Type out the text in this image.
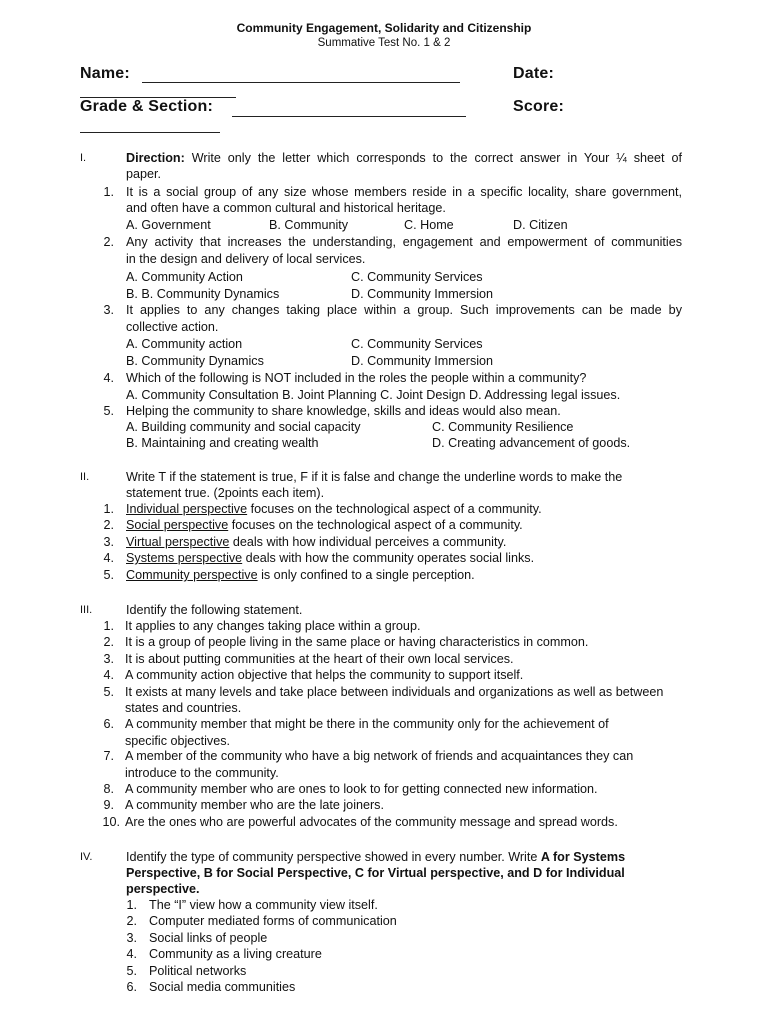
Community Engagement, Solidarity and Citizenship
Summative Test No. 1 & 2
Name:	Date:
Grade & Section:	Score:
I.	Direction: Write only the letter which corresponds to the correct answer in Your ¼ sheet of
paper.
1. It is a social group of any size whose members reside in a specific locality, share government,
and often have a common cultural and historical heritage.
A. Government	B. Community	C. Home	D. Citizen
2. Any activity that increases the understanding, engagement and empowerment of communities
in the design and delivery of local services.
A. Community Action	C. Community Services
B. B. Community Dynamics	D. Community Immersion
3. It applies to any changes taking place within a group. Such improvements can be made by
collective action.
A. Community action	C. Community Services
B. Community Dynamics	D. Community Immersion
4. Which of the following is NOT included in the roles the people within a community?
A. Community Consultation B. Joint Planning C. Joint Design D. Addressing legal issues.
5. Helping the community to share knowledge, skills and ideas would also mean.
A. Building community and social capacity	C. Community Resilience
B. Maintaining and creating wealth	D. Creating advancement of goods.
II.	Write T if the statement is true, F if it is false and change the underline words to make the
statement true. (2points each item).
1. Individual perspective focuses on the technological aspect of a community.
2. Social perspective focuses on the technological aspect of a community.
3. Virtual perspective deals with how individual perceives a community.
4. Systems perspective deals with how the community operates social links.
5. Community perspective is only confined to a single perception.
III.	Identify the following statement.
1. It applies to any changes taking place within a group.
2. It is a group of people living in the same place or having characteristics in common.
3. It is about putting communities at the heart of their own local services.
4. A community action objective that helps the community to support itself.
5. It exists at many levels and take place between individuals and organizations as well as between
states and countries.
6. A community member that might be there in the community only for the achievement of
specific objectives.
7. A member of the community who have a big network of friends and acquaintances they can
introduce to the community.
8. A community member who are ones to look to for getting connected new information.
9. A community member who are the late joiners.
10. Are the ones who are powerful advocates of the community message and spread words.
IV.	Identify the type of community perspective showed in every number. Write A for Systems
Perspective, B for Social Perspective, C for Virtual perspective, and D for Individual
perspective.
1. The “I” view how a community view itself.
2. Computer mediated forms of communication
3. Social links of people
4. Community as a living creature
5. Political networks
6. Social media communities
